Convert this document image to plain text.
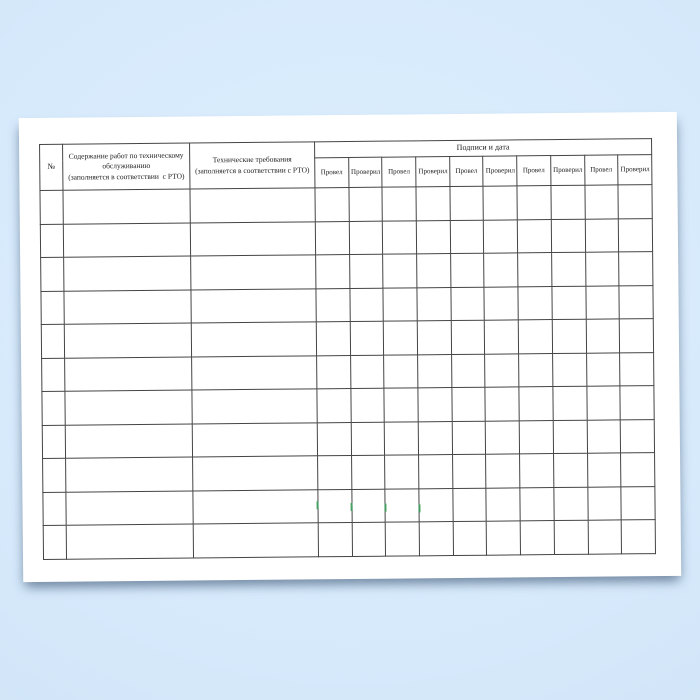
№	Содержание работ по техническому
обслуживанию
(заполняется в соответствии  с РТО)	Технические требования
(заполняется в соответствии с РТО)	Подписи и дата									
			Провел	Проверил	Провел	Проверил	Провел	Проверил	Провел	Проверил	Провел	Проверил
